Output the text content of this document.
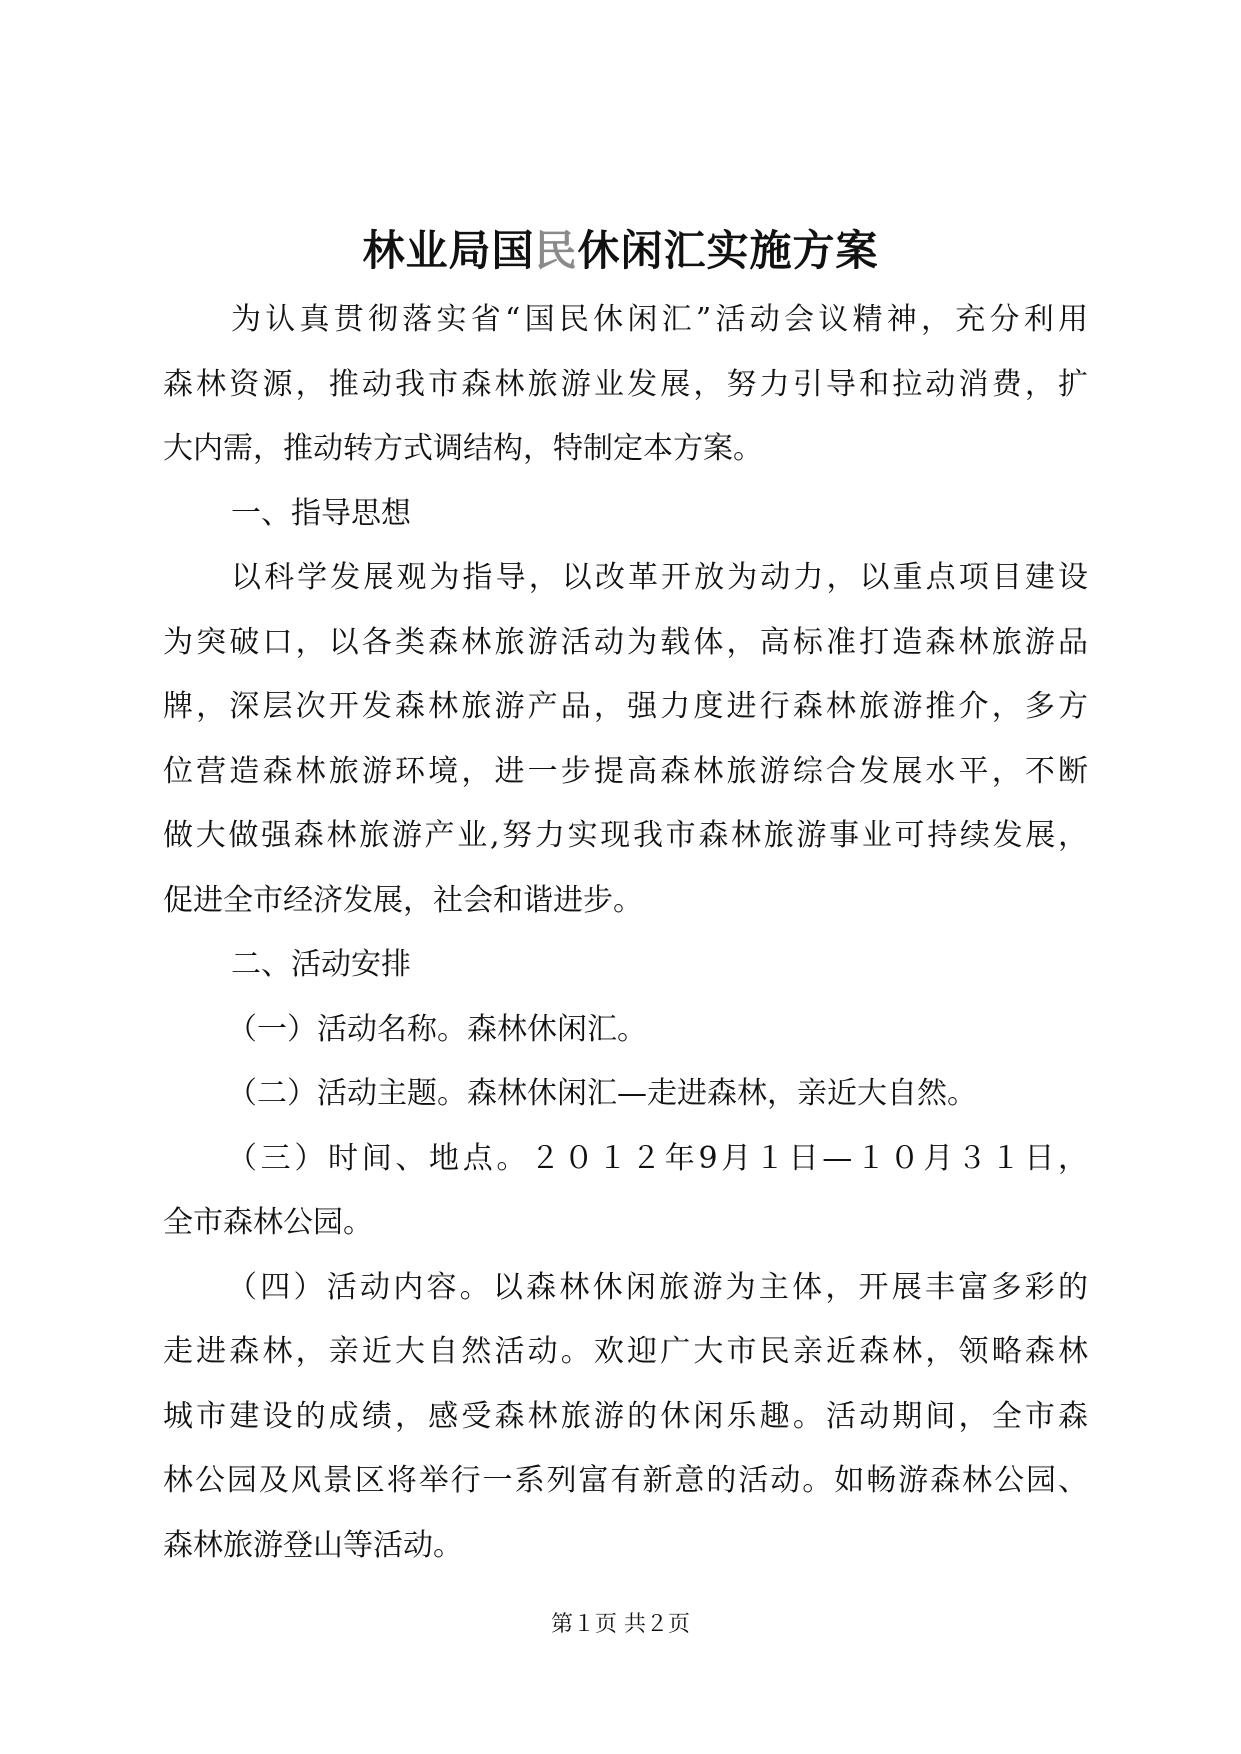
林业局国民休闲汇实施方案
为认真贯彻落实省“国民休闲汇”活动会议精神，充分利用
森林资源，推动我市森林旅游业发展，努力引导和拉动消费，扩
大内需，推动转方式调结构，特制定本方案。
一、指导思想
以科学发展观为指导，以改革开放为动力，以重点项目建设
为突破口，以各类森林旅游活动为载体，高标准打造森林旅游品
牌，深层次开发森林旅游产品，强力度进行森林旅游推介，多方
位营造森林旅游环境，进一步提高森林旅游综合发展水平，不断
做大做强森林旅游产业,努力实现我市森林旅游事业可持续发展，
促进全市经济发展，社会和谐进步。
二、活动安排
（一）活动名称。森林休闲汇。
（二）活动主题。森林休闲汇—走进森林，亲近大自然。
（三）时间、地点。２０１２年9月１日—１０月３１日，
全市森林公园。
（四）活动内容。以森林休闲旅游为主体，开展丰富多彩的
走进森林，亲近大自然活动。欢迎广大市民亲近森林，领略森林
城市建设的成绩，感受森林旅游的休闲乐趣。活动期间，全市森
林公园及风景区将举行一系列富有新意的活动。如畅游森林公园、
森林旅游登山等活动。
第１页 共２页
